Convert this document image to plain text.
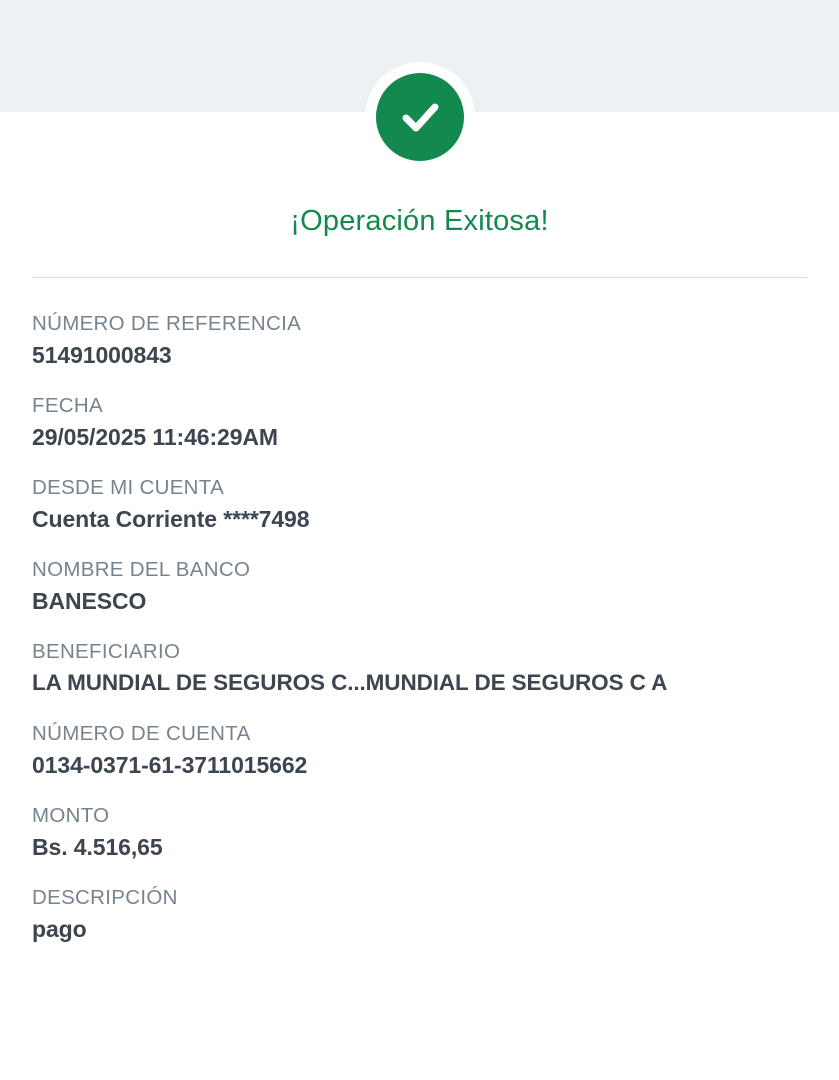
¡Operación Exitosa!
NÚMERO DE REFERENCIA
51491000843
FECHA
29/05/2025 11:46:29AM
DESDE MI CUENTA
Cuenta Corriente ****7498
NOMBRE DEL BANCO
BANESCO
BENEFICIARIO
LA MUNDIAL DE SEGUROS C...MUNDIAL DE SEGUROS C A
NÚMERO DE CUENTA
0134-0371-61-3711015662
MONTO
Bs. 4.516,65
DESCRIPCIÓN
pago
